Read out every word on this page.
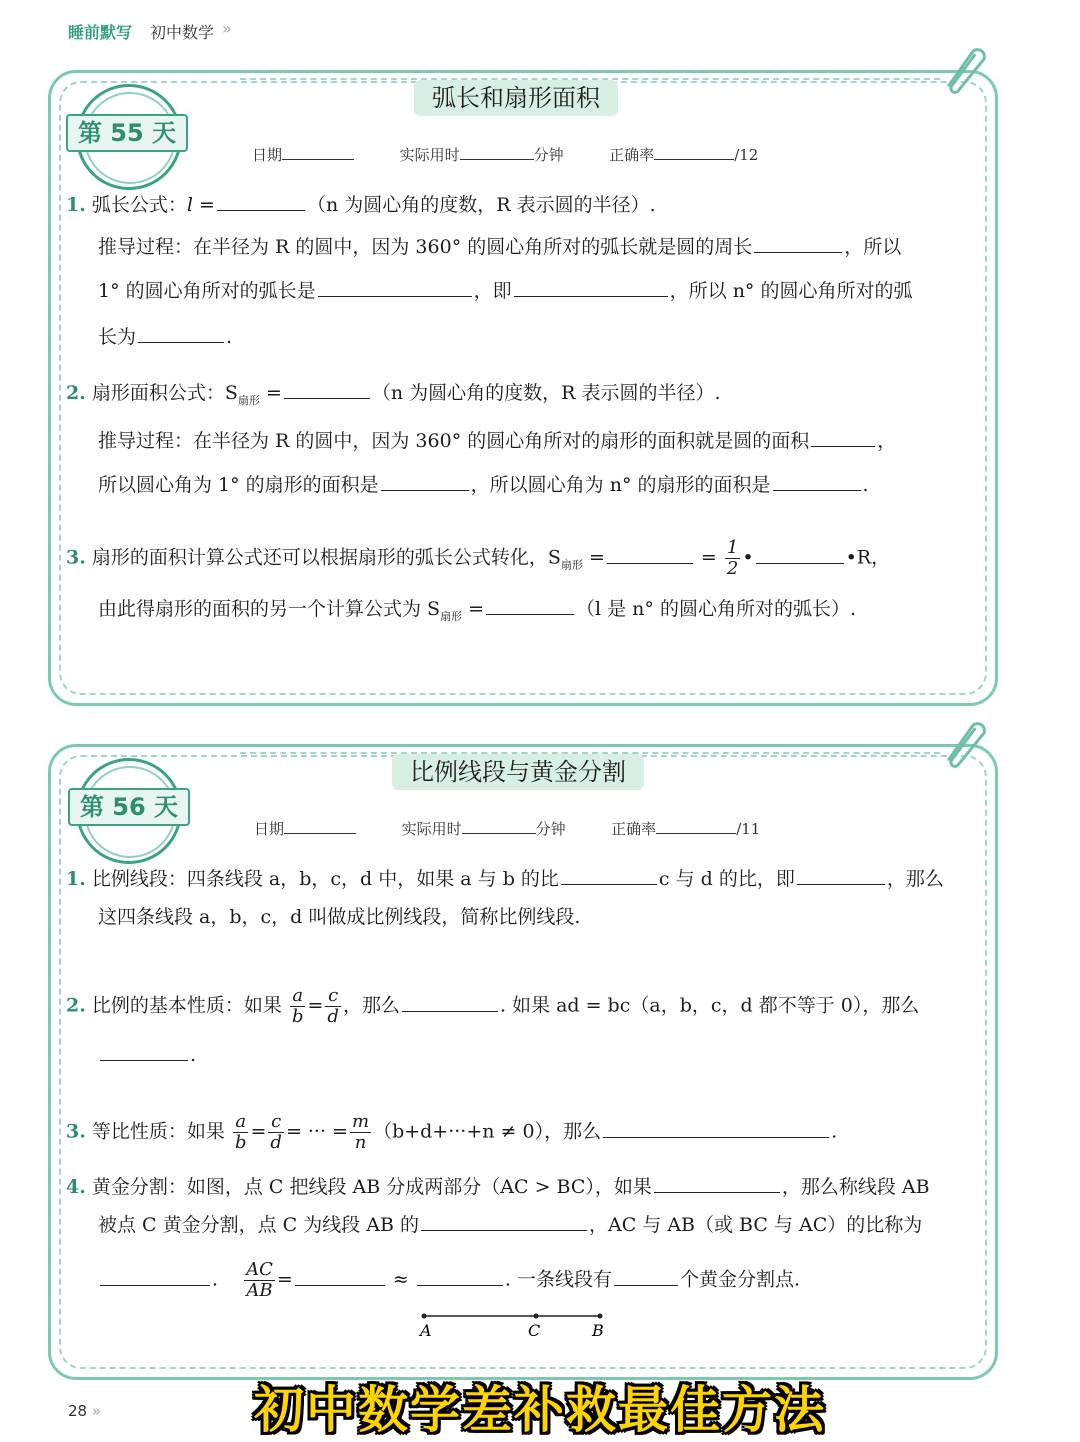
睡前默写 初中数学 »
弧长和扇形面积
第 55 天
日期	实际用时	分钟	正确率	/12
1. 弧长公式：l =	（n 为圆心角的度数，R 表示圆的半径）.
推导过程：在半径为 R 的圆中，因为 360° 的圆心角所对的弧长就是圆的周长	，所以
1° 的圆心角所对的弧长是	，即	，所以 n° 的圆心角所对的弧
长为	.
2. 扇形面积公式：$S_{扇形}$ =	（n 为圆心角的度数，R 表示圆的半径）.
推导过程：在半径为 R 的圆中，因为 360° 的圆心角所对的扇形的面积就是圆的面积	，
所以圆心角为 1° 的扇形的面积是	，所以圆心角为 n° 的扇形的面积是	.
3. 扇形的面积计算公式还可以根据扇形的弧长公式转化，$S_{扇形}$ =	= $\frac{1}{2}$ •	•R，
由此得扇形的面积的另一个计算公式为 $S_{扇形}$ =	（l 是 n° 的圆心角所对的弧长）.
比例线段与黄金分割
第 56 天
日期	实际用时	分钟	正确率	/11
1. 比例线段：四条线段 a，b，c，d 中，如果 a 与 b 的比	c 与 d 的比，即	，那么
这四条线段 a，b，c，d 叫做成比例线段，简称比例线段.
2. 比例的基本性质：如果 $\frac{a}{b} = \frac{c}{d}$ ，那么	. 如果 ad = bc（a，b，c，d 都不等于 0），那么
.
3. 等比性质：如果 $\frac{a}{b} = \frac{c}{d}$ = ··· = $\frac{m}{n} (b+d+\cdot\cdot\cdot+n \ne 0)$，那么	.
4. 黄金分割：如图，点 C 把线段 AB 分成两部分（AC > BC），如果	，那么称线段 AB
被点 C 黄金分割，点 C 为线段 AB 的	，AC 与 AB（或 BC 与 AC）的比称为
. $\frac{AC}{AB}$ =	≈	. 一条线段有	个黄金分割点.
A	C	B
28 »	初中数学差补救最佳方法
